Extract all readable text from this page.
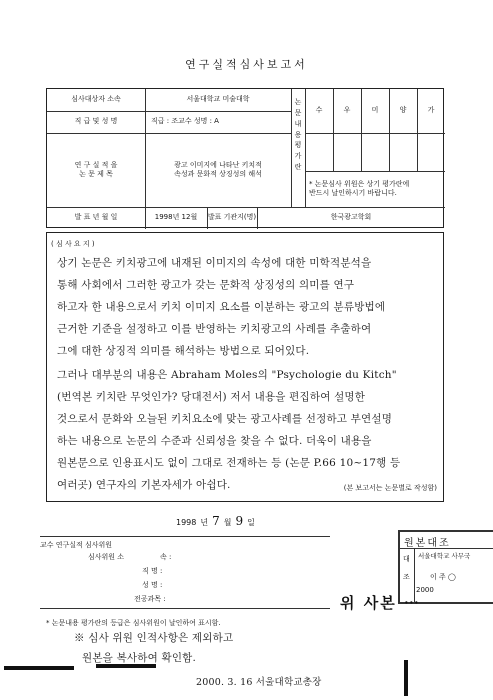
연구실적심사보고서
심사대상자 소속	서울대학교 미술대학
직 급 및 성 명	직급 : 조교수 성명 : A
연 구 실 적 을
논 문 제 목
광고 이미지에 나타난 키치적
속성과 문화적 상징성의 해석
논문내용평가란
수	우	미	양	가
* 논문심사 위원은 상기 평가란에
반드시 날인하시기 바랍니다.
발 표 년 월 일	1998년 12월	발표 기관지(명)	한국광고학회
( 심 사 요 지 )
상기 논문은 키치광고에 내재된 이미지의 속성에 대한 미학적분석을
통해 사회에서 그러한 광고가 갖는 문화적 상징성의 의미를 연구
하고자 한 내용으로서 키치 이미지 요소를 이분하는 광고의 분류방법에
근거한 기준을 설정하고 이를 반영하는 키치광고의 사례를 추출하여
그에 대한 상징적 의미를 해석하는 방법으로 되어있다.
그러나 대부분의 내용은 Abraham Moles의 "Psychologie du Kitch"
(번역본 키치란 무엇인가? 당대전서) 저서 내용을 편집하여 설명한
것으로서 문화와 오늘된 키치요소에 맞는 광고사례를 선정하고 부연설명
하는 내용으로 논문의 수준과 신뢰성을 찾을 수 없다. 더욱이 내용을
원본문으로 인용표시도 없이 그대로 전재하는 등 (논문 P.66 10~17행 등
여러곳) 연구자의 기본자세가 아쉽다.	(본 보고서는 논문별로 작성함)
1998 년 7 월 9 일
교수 연구실적 심사위원
심사위원 소	속 :
직 명 :
성 명 :
전공과목 :
원본대조
대
조
서울대학교 사무국
이 주 ◯
2000
위 사본 ⋯
* 논문내용 평가란의 등급은 심사위원이 날인하여 표시함.
※ 심사 위원 인적사항은 제외하고
원본을 복사하여 확인함.
2000. 3. 16 서울대학교총장
